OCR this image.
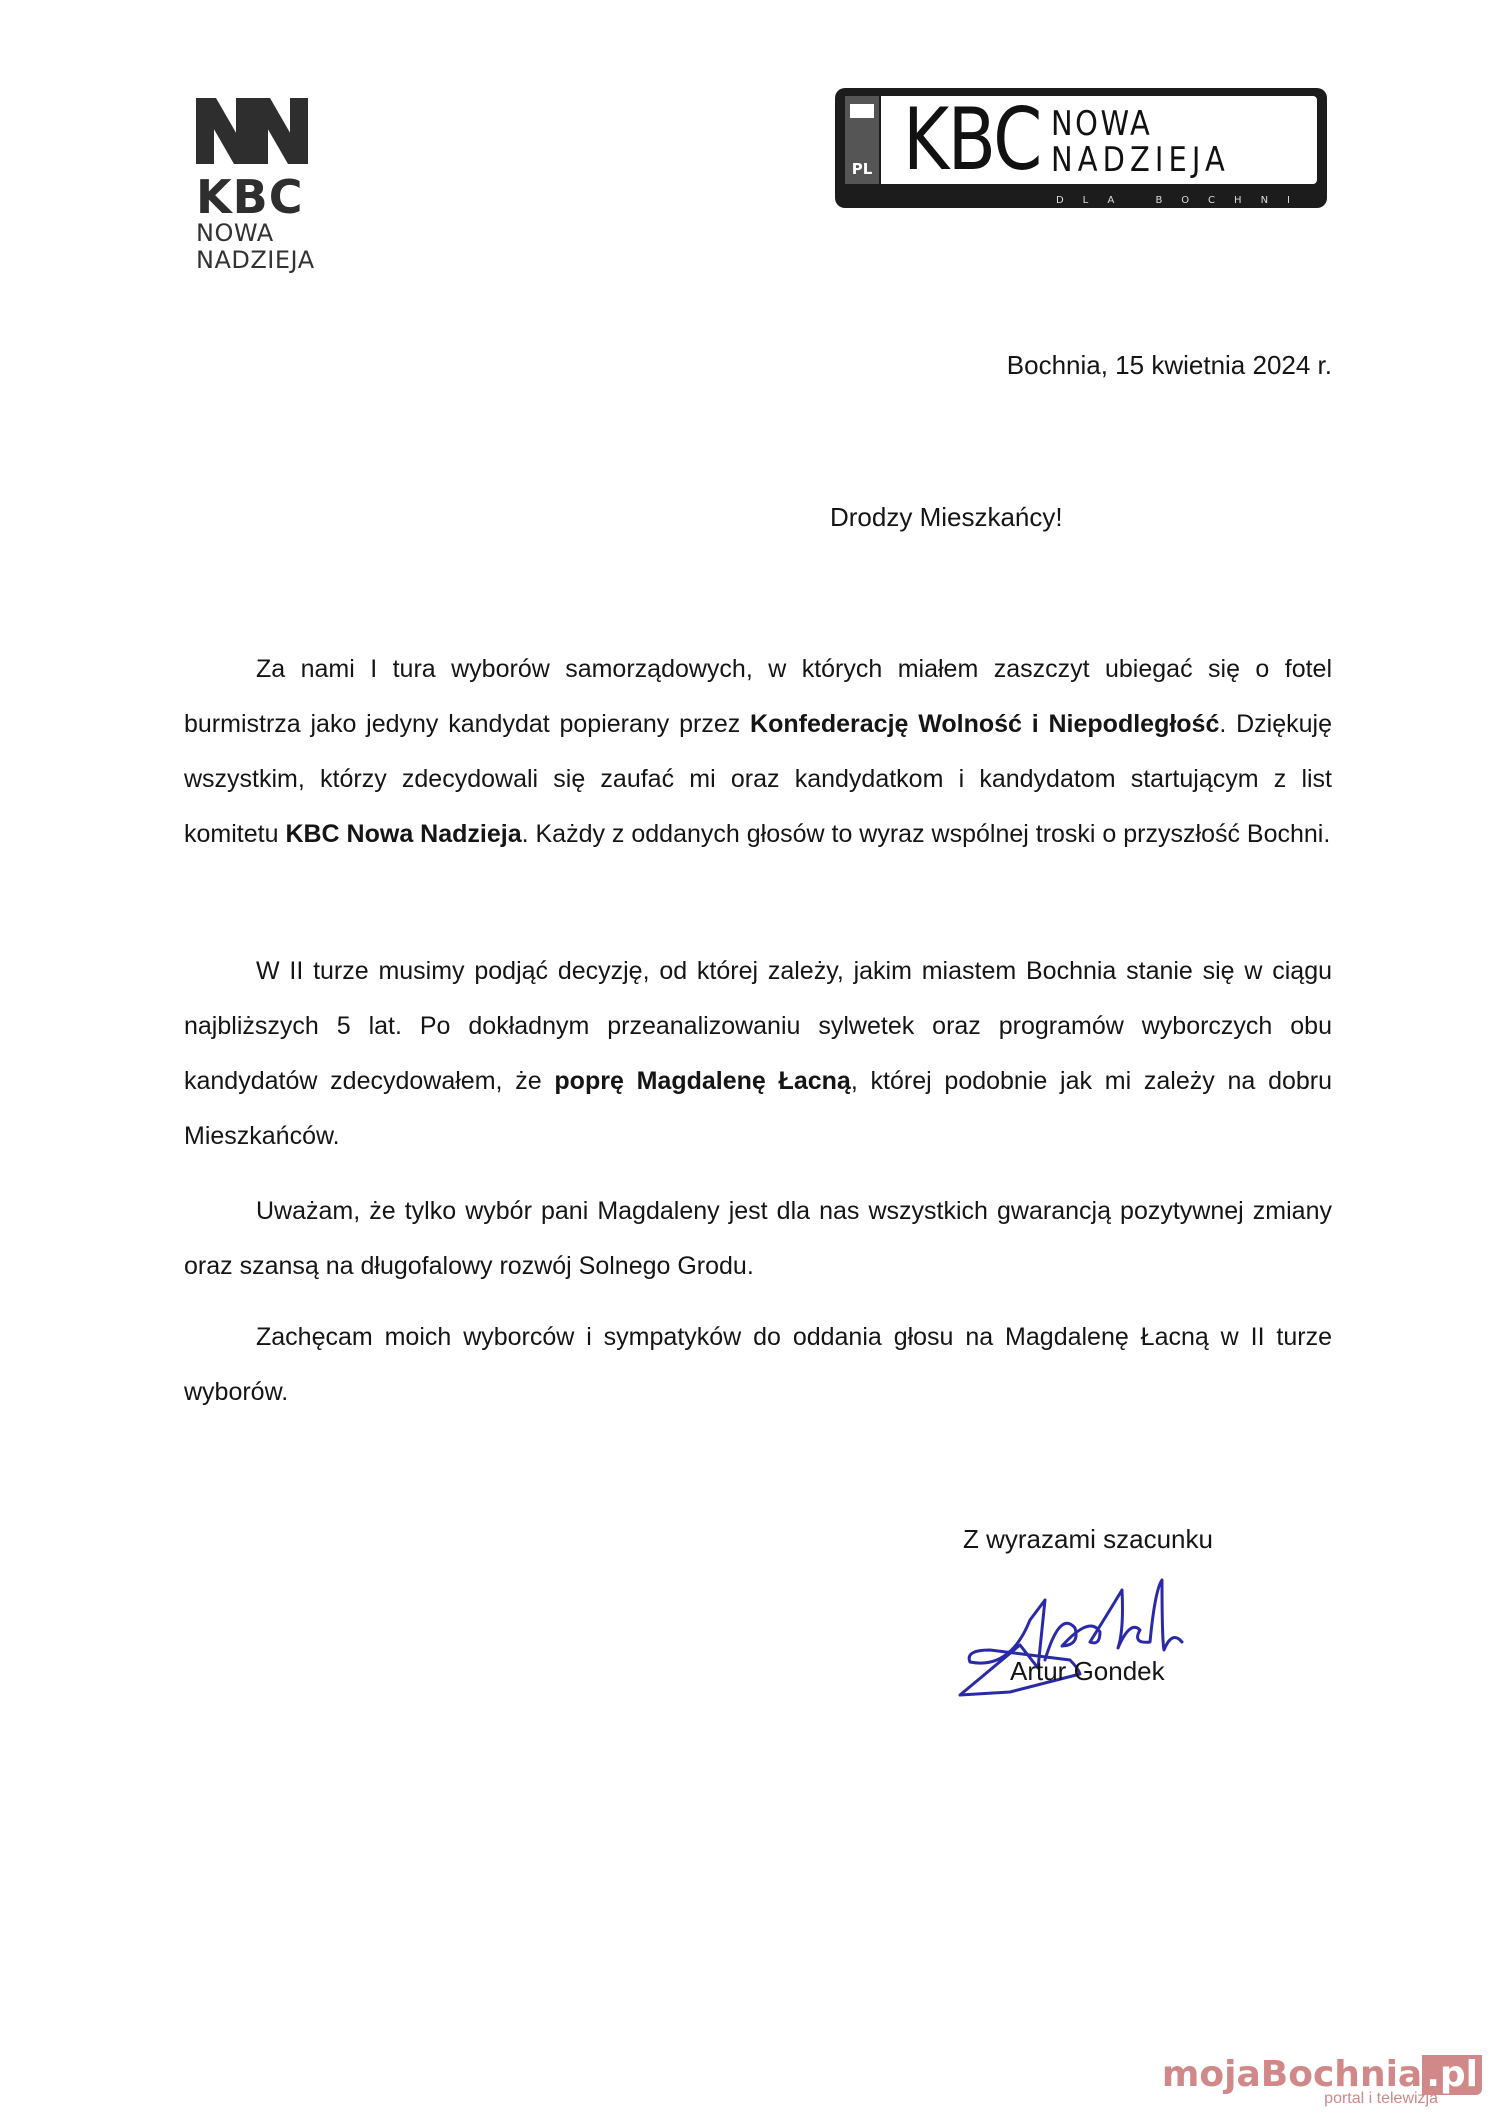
KBC
NOWA
NADZIEJA
PL KBC NOWA
NADZIEJA
DLA BOCHNI
Bochnia, 15 kwietnia 2024 r.
Drodzy Mieszkańcy!

Za nami I tura wyborów samorządowych, w których miałem zaszczyt ubiegać się o fotel burmistrza jako jedyny kandydat popierany przez Konfederację Wolność i Niepodległość. Dziękuję wszystkim, którzy zdecydowali się zaufać mi oraz kandydatkom i kandydatom startującym z list komitetu KBC Nowa Nadzieja. Każdy z oddanych głosów to wyraz wspólnej troski o przyszłość Bochni.

W II turze musimy podjąć decyzję, od której zależy, jakim miastem Bochnia stanie się w ciągu najbliższych 5 lat. Po dokładnym przeanalizowaniu sylwetek oraz programów wyborczych obu kandydatów zdecydowałem, że poprę Magdalenę Łacną, której podobnie jak mi zależy na dobru Mieszkańców.

Uważam, że tylko wybór pani Magdaleny jest dla nas wszystkich gwarancją pozytywnej zmiany oraz szansą na długofalowy rozwój Solnego Grodu.

Zachęcam moich wyborców i sympatyków do oddania głosu na Magdalenę Łacną w II turze wyborów.

Z wyrazami szacunku
Artur Gondek
mojaBochnia .pl
portal i telewizja
